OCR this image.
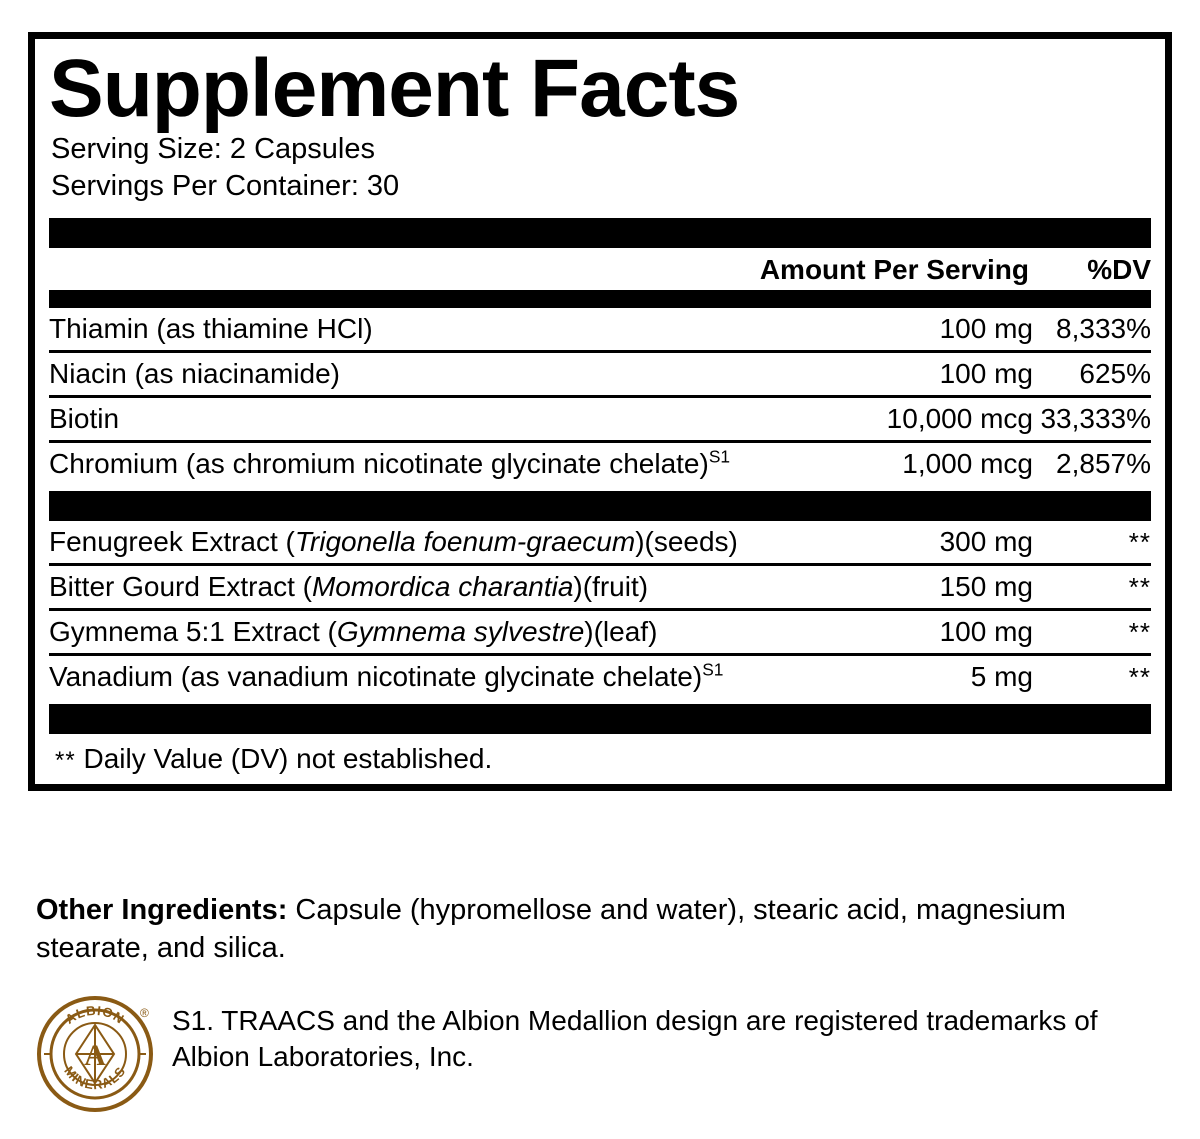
Supplement Facts
Serving Size: 2 Capsules
Servings Per Container: 30
Amount Per Serving	%DV
Thiamin (as thiamine HCl)	100 mg	8,333%
Niacin (as niacinamide)	100 mg	625%
Biotin	10,000 mcg	33,333%
Chromium (as chromium nicotinate glycinate chelate)$^{S1}$	1,000 mcg	2,857%
Fenugreek Extract (Trigonella foenum-graecum)(seeds)	300 mg	**
Bitter Gourd Extract (Momordica charantia)(fruit)	150 mg	**
Gymnema 5:1 Extract (Gymnema sylvestre)(leaf)	100 mg	**
Vanadium (as vanadium nicotinate glycinate chelate)$^{S1}$	5 mg	**
** Daily Value (DV) not established.
Other Ingredients: Capsule (hypromellose and water), stearic acid, magnesium stearate, and silica.
A
ALBION
MINERALS
® S1. TRAACS and the Albion Medallion design are registered trademarks of Albion Laboratories, Inc.
